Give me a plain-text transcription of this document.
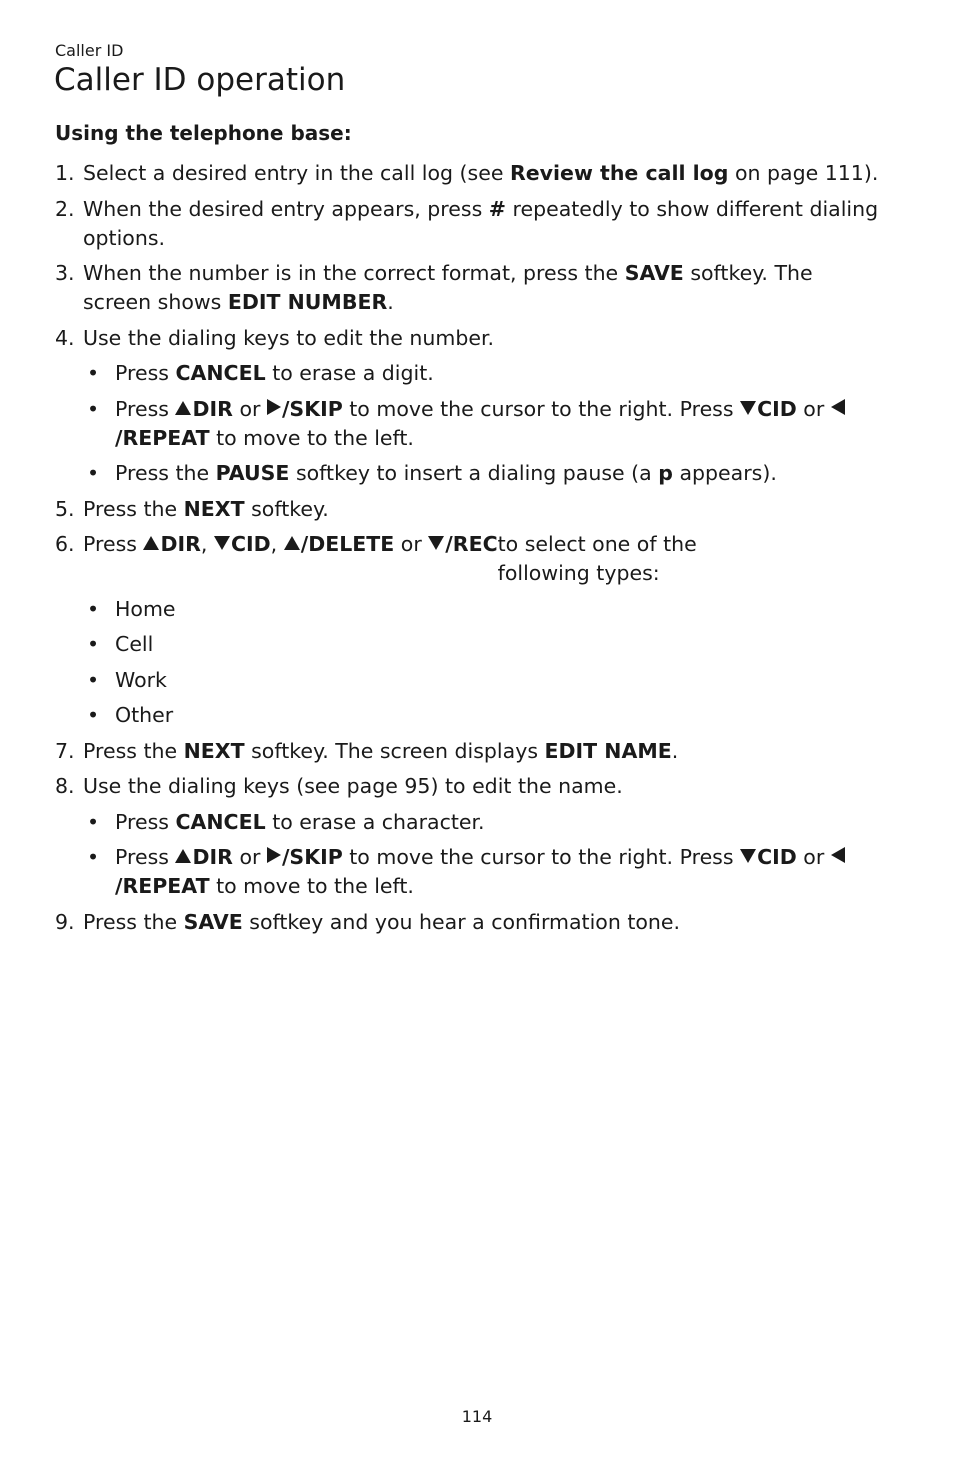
Caller ID
Caller ID operation
Using the telephone base:
1. Select a desired entry in the call log (see Review the call log on page 111).
2. When the desired entry appears, press # repeatedly to show different dialing options.
3. When the number is in the correct format, press the SAVE softkey. The screen shows EDIT NUMBER.
4. Use the dialing keys to edit the number.
• Press CANCEL to erase a digit.
• Press DIR or /SKIP to move the cursor to the right. Press CID or /REPEAT to move to the left.
• Press the PAUSE softkey to insert a dialing pause (a p appears).
5. Press the NEXT softkey.
6. Press DIR, CID, /DELETE or /RECto select one of the following types:
• Home
• Cell
• Work
• Other
7. Press the NEXT softkey. The screen displays EDIT NAME.
8. Use the dialing keys (see page 95) to edit the name.
• Press CANCEL to erase a character.
• Press DIR or /SKIP to move the cursor to the right. Press CID or /REPEAT to move to the left.
9. Press the SAVE softkey and you hear a confirmation tone.
114
